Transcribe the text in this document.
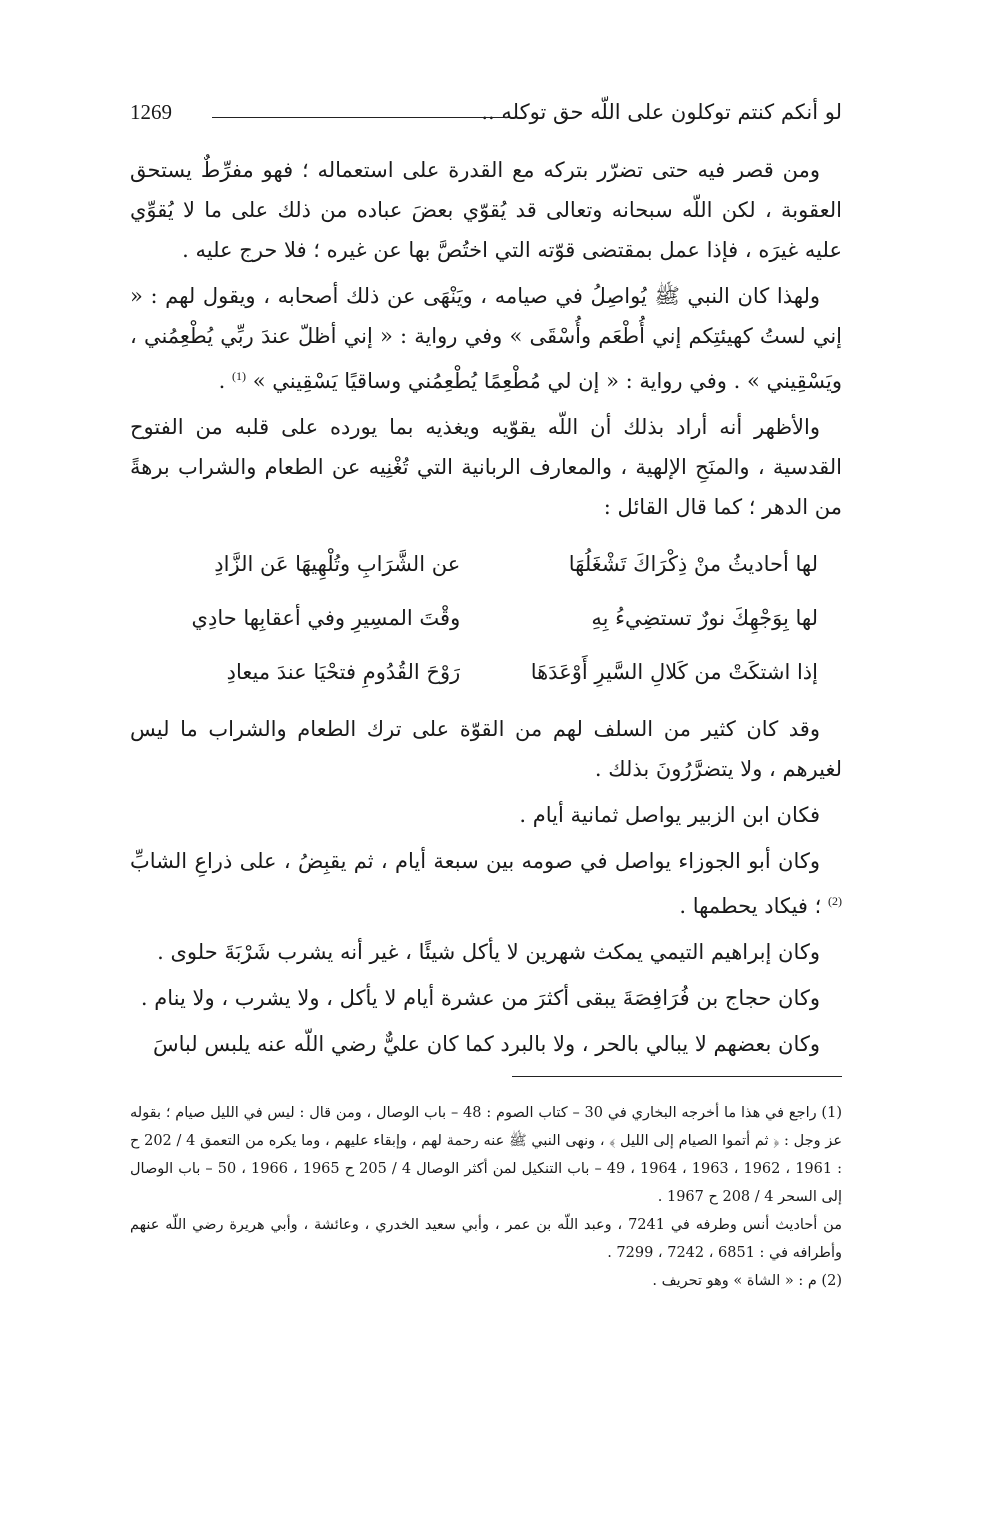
لو أنكم كنتم توكلون على اللّه حق توكله ..
1269

ومن قصر فيه حتى تضرّر بتركه مع القدرة على استعماله ؛ فهو مفرِّطٌ يستحق العقوبة ، لكن اللّه سبحانه وتعالى قد يُقوّي بعضَ عباده من ذلك على ما لا يُقوِّي عليه غيرَه ، فإذا عمل بمقتضى قوّته التي اختُصَّ بها عن غيره ؛ فلا حرج عليه .

ولهذا كان النبي ﷺ يُواصِلُ في صيامه ، ويَنْهَى عن ذلك أصحابه ، ويقول لهم : « إني لستُ كهيئتِكم إني أُطْعَم وأُسْقَى » وفي رواية : « إني أظلّ عندَ ربِّي يُطْعِمُني ، ويَسْقِيني » . وفي رواية : « إن لي مُطْعِمًا يُطْعِمُني وساقيًا يَسْقِيني » $^{(1)}$ .

والأظهر أنه أراد بذلك أن اللّه يقوّيه ويغذيه بما يورده على قلبه من الفتوح القدسية ، والمنَحِ الإلهية ، والمعارف الربانية التي تُغْنِيه عن الطعام والشراب برهةً من الدهر ؛ كما قال القائل :

لها أحاديثُ منْ ذِكْرَاكَ تَشْغَلُهَا
عن الشَّرَابِ وتُلْهِيهَا عَن الزَّادِ
لها بِوَجْهِكَ نورٌ تستضِيءُ بِهِ
وقْتَ المسِيرِ وفي أعقابِها حادِي
إذا اشتكَتْ من كَلالِ السَّيرِ أَوْعَدَهَا
رَوْحَ القُدُومِ فتحْيَا عندَ ميعادِ

وقد كان كثير من السلف لهم من القوّة على ترك الطعام والشراب ما ليس لغيرهم ، ولا يتضرَّرُونَ بذلك .

فكان ابن الزبير يواصل ثمانية أيام .

وكان أبو الجوزاء يواصل في صومه بين سبعة أيام ، ثم يقبِضُ ، على ذراعِ الشابِّ $^{(2)}$ ؛ فيكاد يحطمها .

وكان إبراهيم التيمي يمكث شهرين لا يأكل شيئًا ، غير أنه يشرب شَرْبَةَ حلوى .

وكان حجاج بن فُرَافِصَةَ يبقى أكثرَ من عشرة أيام لا يأكل ، ولا يشرب ، ولا ينام .

وكان بعضهم لا يبالي بالحر ، ولا بالبرد كما كان عليٌّ رضي اللّه عنه يلبس لباسَ

(1) راجع في هذا ما أخرجه البخاري في 30 – كتاب الصوم : 48 – باب الوصال ، ومن قال : ليس في الليل صيام ؛ بقوله عز وجل : ﴿ ثم أتموا الصيام إلى الليل ﴾ ، ونهى النبي ﷺ عنه رحمة لهم ، وإبقاء عليهم ، وما يكره من التعمق 4 / 202 ح : 1961 ، 1962 ، 1963 ، 1964 ، 49 – باب التنكيل لمن أكثر الوصال 4 / 205 ح 1965 ، 1966 ، 50 – باب الوصال إلى السحر 4 / 208 ح 1967 .

من أحاديث أنس وطرفه في 7241 ، وعبد اللّه بن عمر ، وأبي سعيد الخدري ، وعائشة ، وأبي هريرة رضي اللّه عنهم وأطرافه في : 6851 ، 7242 ، 7299 .

(2) م : « الشاة » وهو تحريف .
